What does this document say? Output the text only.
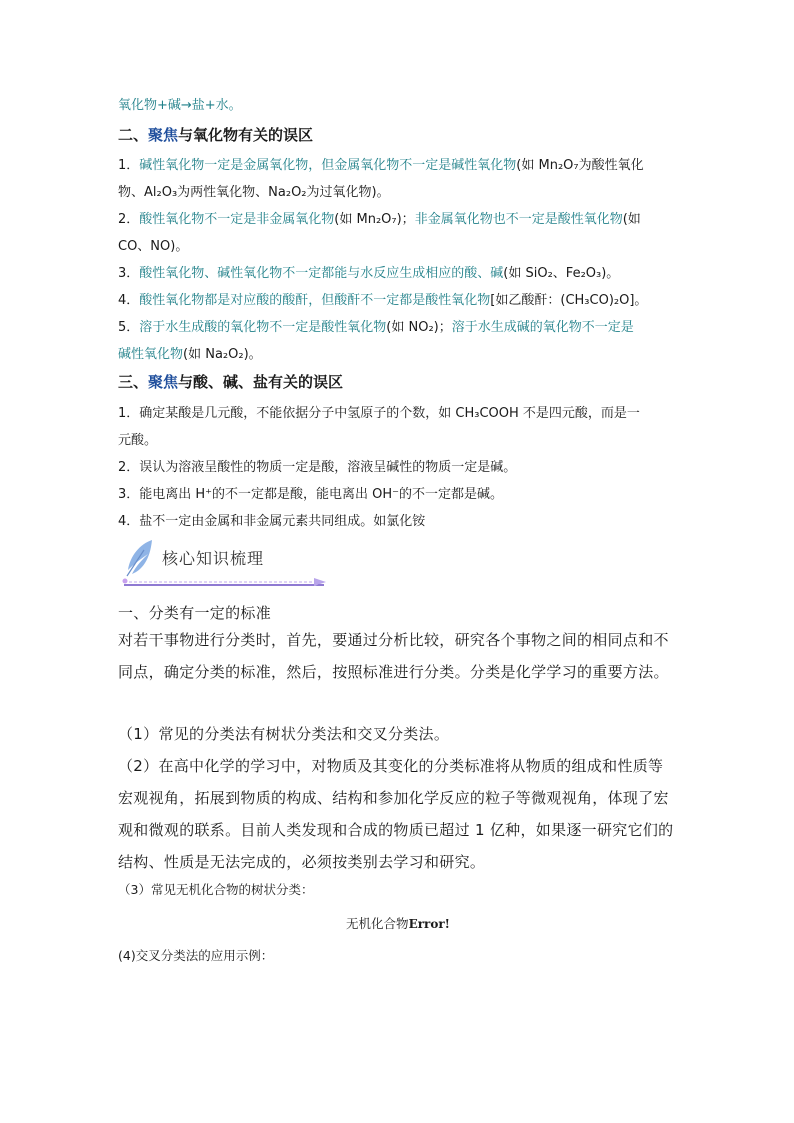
氧化物+碱→盐+水。

二、聚焦与氧化物有关的误区

1．碱性氧化物一定是金属氧化物，但金属氧化物不一定是碱性氧化物(如 Mn₂O₇为酸性氧化
物、Al₂O₃为两性氧化物、Na₂O₂为过氧化物)。

2．酸性氧化物不一定是非金属氧化物(如 Mn₂O₇)；非金属氧化物也不一定是酸性氧化物(如
CO、NO)。

3．酸性氧化物、碱性氧化物不一定都能与水反应生成相应的酸、碱(如 SiO₂、Fe₂O₃)。

4．酸性氧化物都是对应酸的酸酐，但酸酐不一定都是酸性氧化物[如乙酸酐：(CH₃CO)₂O]。

5．溶于水生成酸的氧化物不一定是酸性氧化物(如 NO₂)；溶于水生成碱的氧化物不一定是
碱性氧化物(如 Na₂O₂)。

三、聚焦与酸、碱、盐有关的误区

1．确定某酸是几元酸，不能依据分子中氢原子的个数，如 CH₃COOH 不是四元酸，而是一
元酸。

2．误认为溶液呈酸性的物质一定是酸，溶液呈碱性的物质一定是碱。

3．能电离出 H⁺的不一定都是酸，能电离出 OH⁻的不一定都是碱。

4．盐不一定由金属和非金属元素共同组成。如氯化铵

核心知识梳理

一、分类有一定的标准

对若干事物进行分类时，首先，要通过分析比较，研究各个事物之间的相同点和不同点，确定分类的标准，然后，按照标准进行分类。分类是化学学习的重要方法。

（1）常见的分类法有树状分类法和交叉分类法。

（2）在高中化学的学习中，对物质及其变化的分类标准将从物质的组成和性质等宏观视角，拓展到物质的构成、结构和参加化学反应的粒子等微观视角，体现了宏观和微观的联系。目前人类发现和合成的物质已超过 1 亿种，如果逐一研究它们的结构、性质是无法完成的，必须按类别去学习和研究。

（3）常见无机化合物的树状分类：

无机化合物Error!

(4)交叉分类法的应用示例：
